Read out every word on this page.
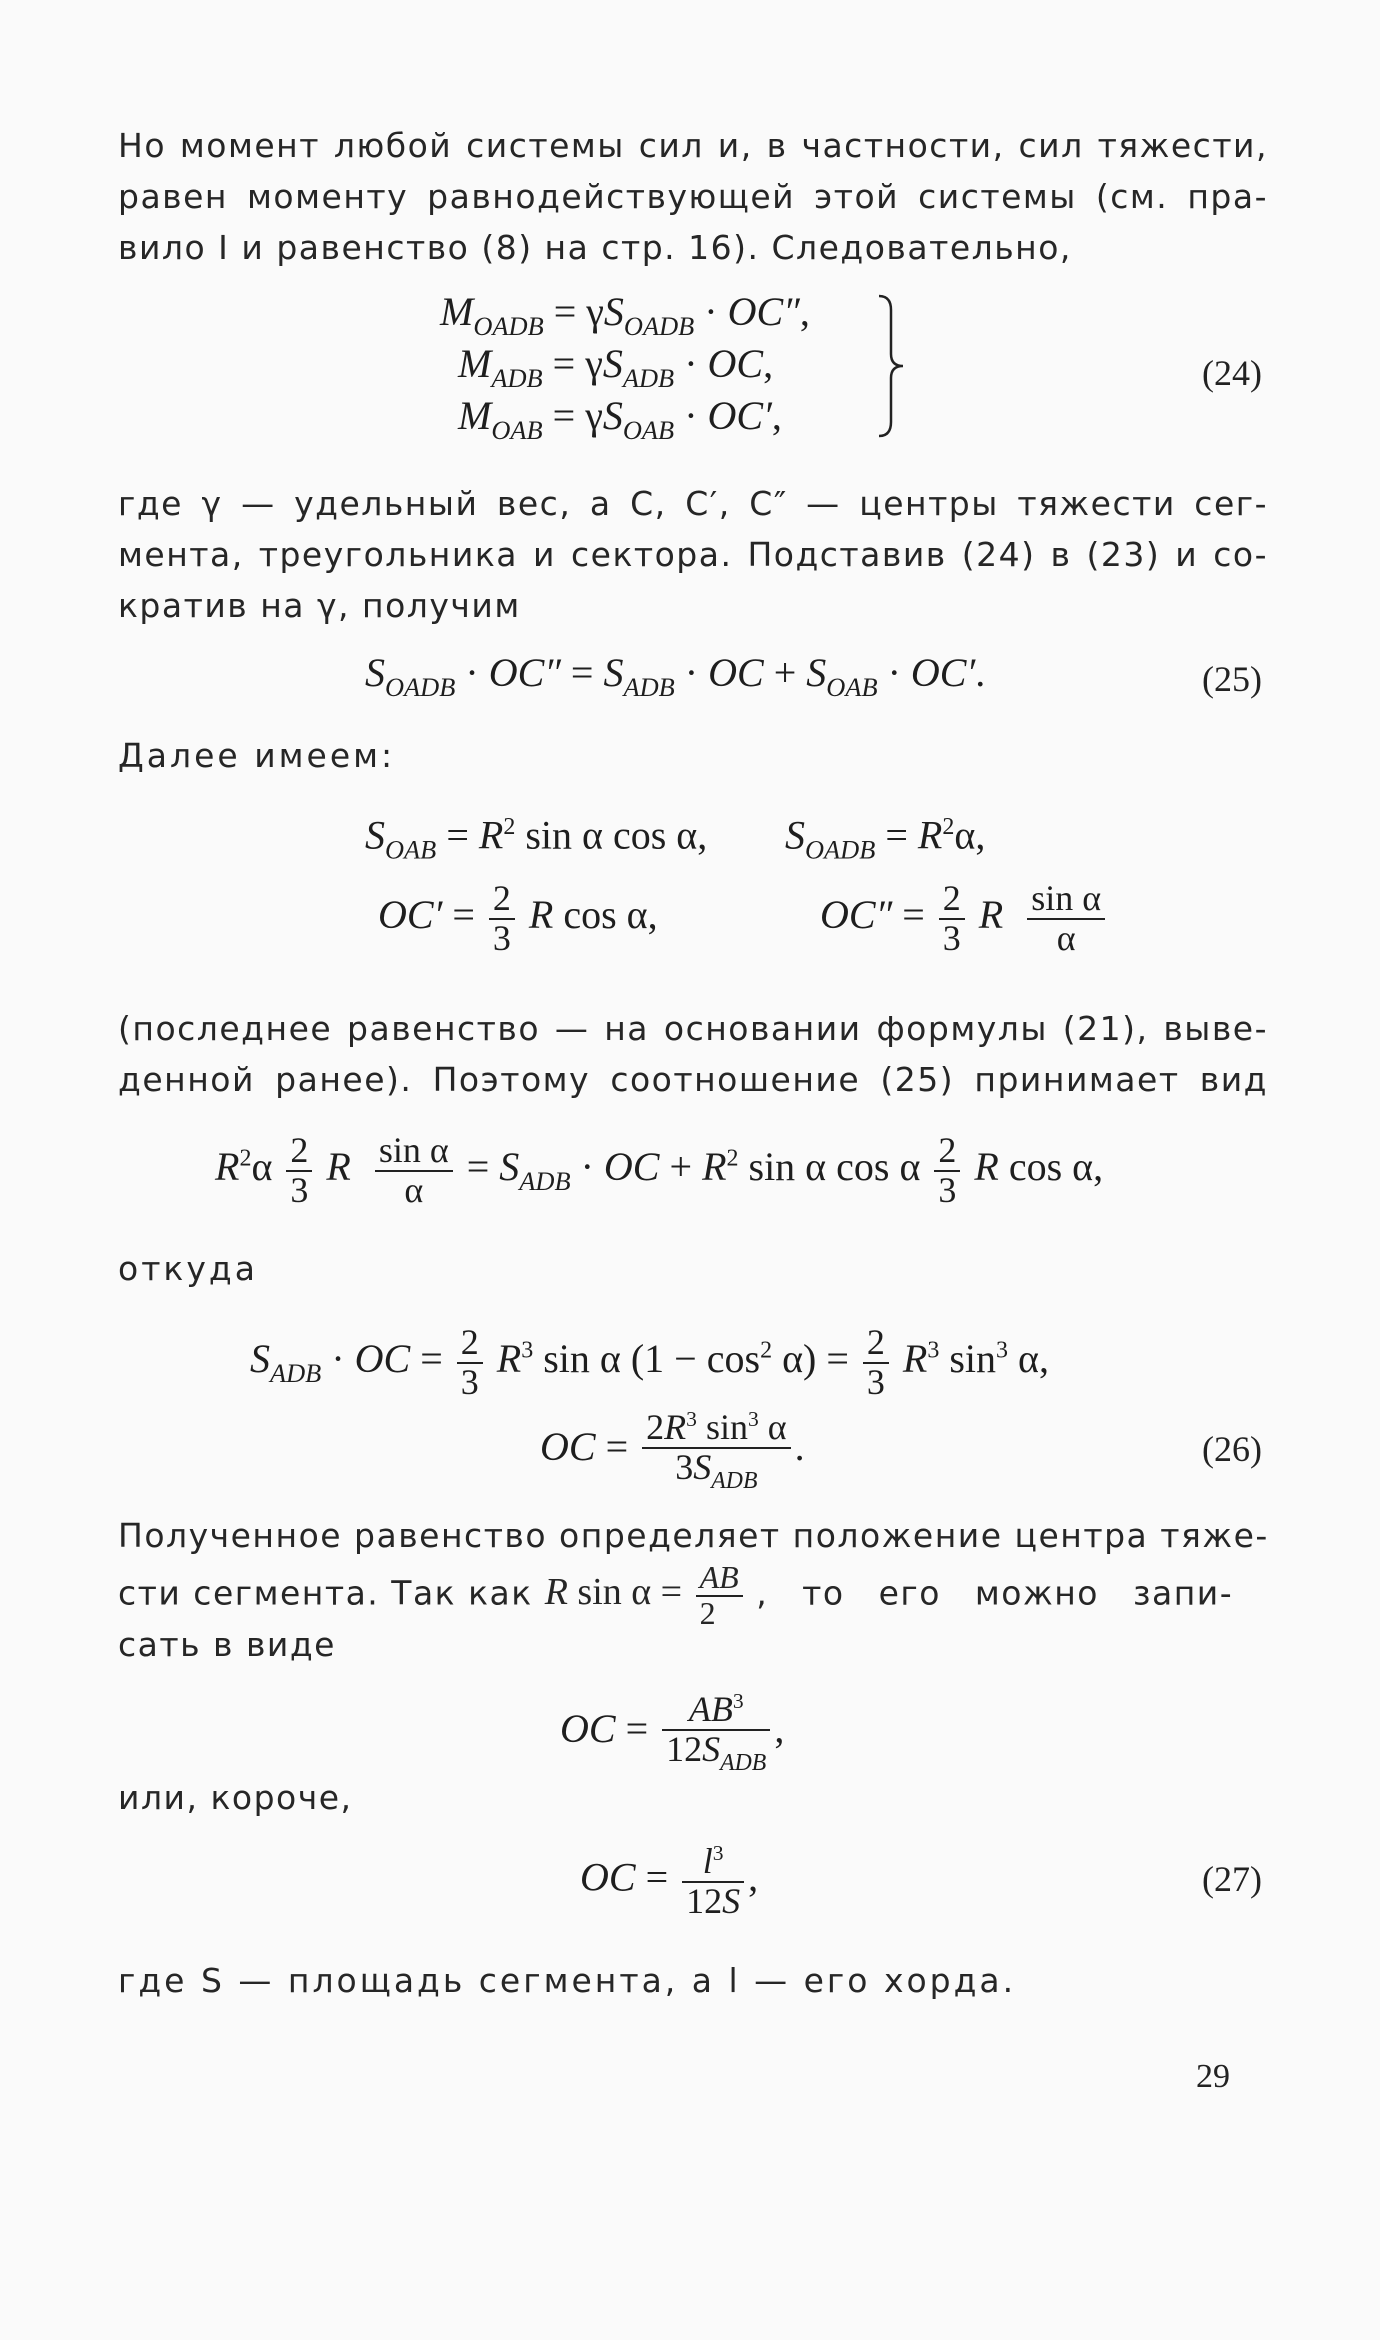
Но момент любой системы сил и, в частности, сил тяжести,
равен моменту равнодействующей этой системы (см. пра-
вило I и равенство (8) на стр. 16). Следовательно,
$M_{OADB} = \gamma S_{OADB} \cdot OC''$,
$M_{ADB} = \gamma S_{ADB}$ · OC,
$M_{OAB} = \gamma S_{OAB} \cdot OC'$,
(24)
где γ — удельный вес, а C, C′, C″ — центры тяжести сег-
мента, треугольника и сектора. Подставив (24) в (23) и со-
кратив на γ, получим
$S_{OADB} \cdot OC'' = S_{ADB}$ · OC + $S_{OAB} \cdot OC'$.	(25)
Далее имеем:
$S_{OAB} = R^2$ sin α cos α, $S_{OADB} = R^2\alpha$,
$OC' = \frac{2}{3}$ R cos α,	$OC'' = \frac{2}{3}$ R $\frac{\text{sin α}}{\alpha}$
(последнее равенство — на основании формулы (21), выве-
денной ранее). Поэтому соотношение (25) принимает вид
$R^2\alpha \frac{2}{3}$ R $\frac{\text{sin α}}{\alpha} = S_{ADB}$ · OC + $R^2$ sin α cos α $\frac{2}{3}$ R cos α,
откуда
$S_{ADB}$ · OC = $\frac{2}{3} R^3$ sin α $(1 - \cos^2 \alpha) = \frac{2}{3} R^3$ $\sin^3 \alpha$,
OC = $\frac{2R^3 \sin^3 \alpha}{3S_{ADB}}$ .	(26)
Полученное равенство определяет положение центра тяже-
сти сегмента. Так как R $\sin \alpha = \frac{AB}{2}$ , то его можно запи-
сать в виде
OC = $\frac{AB^3}{12S_{ADB}}$ ,
или, короче,
OC = $\frac{l^3}{12S}$ ,	(27)
где S — площадь сегмента, а l — его хорда.
29
